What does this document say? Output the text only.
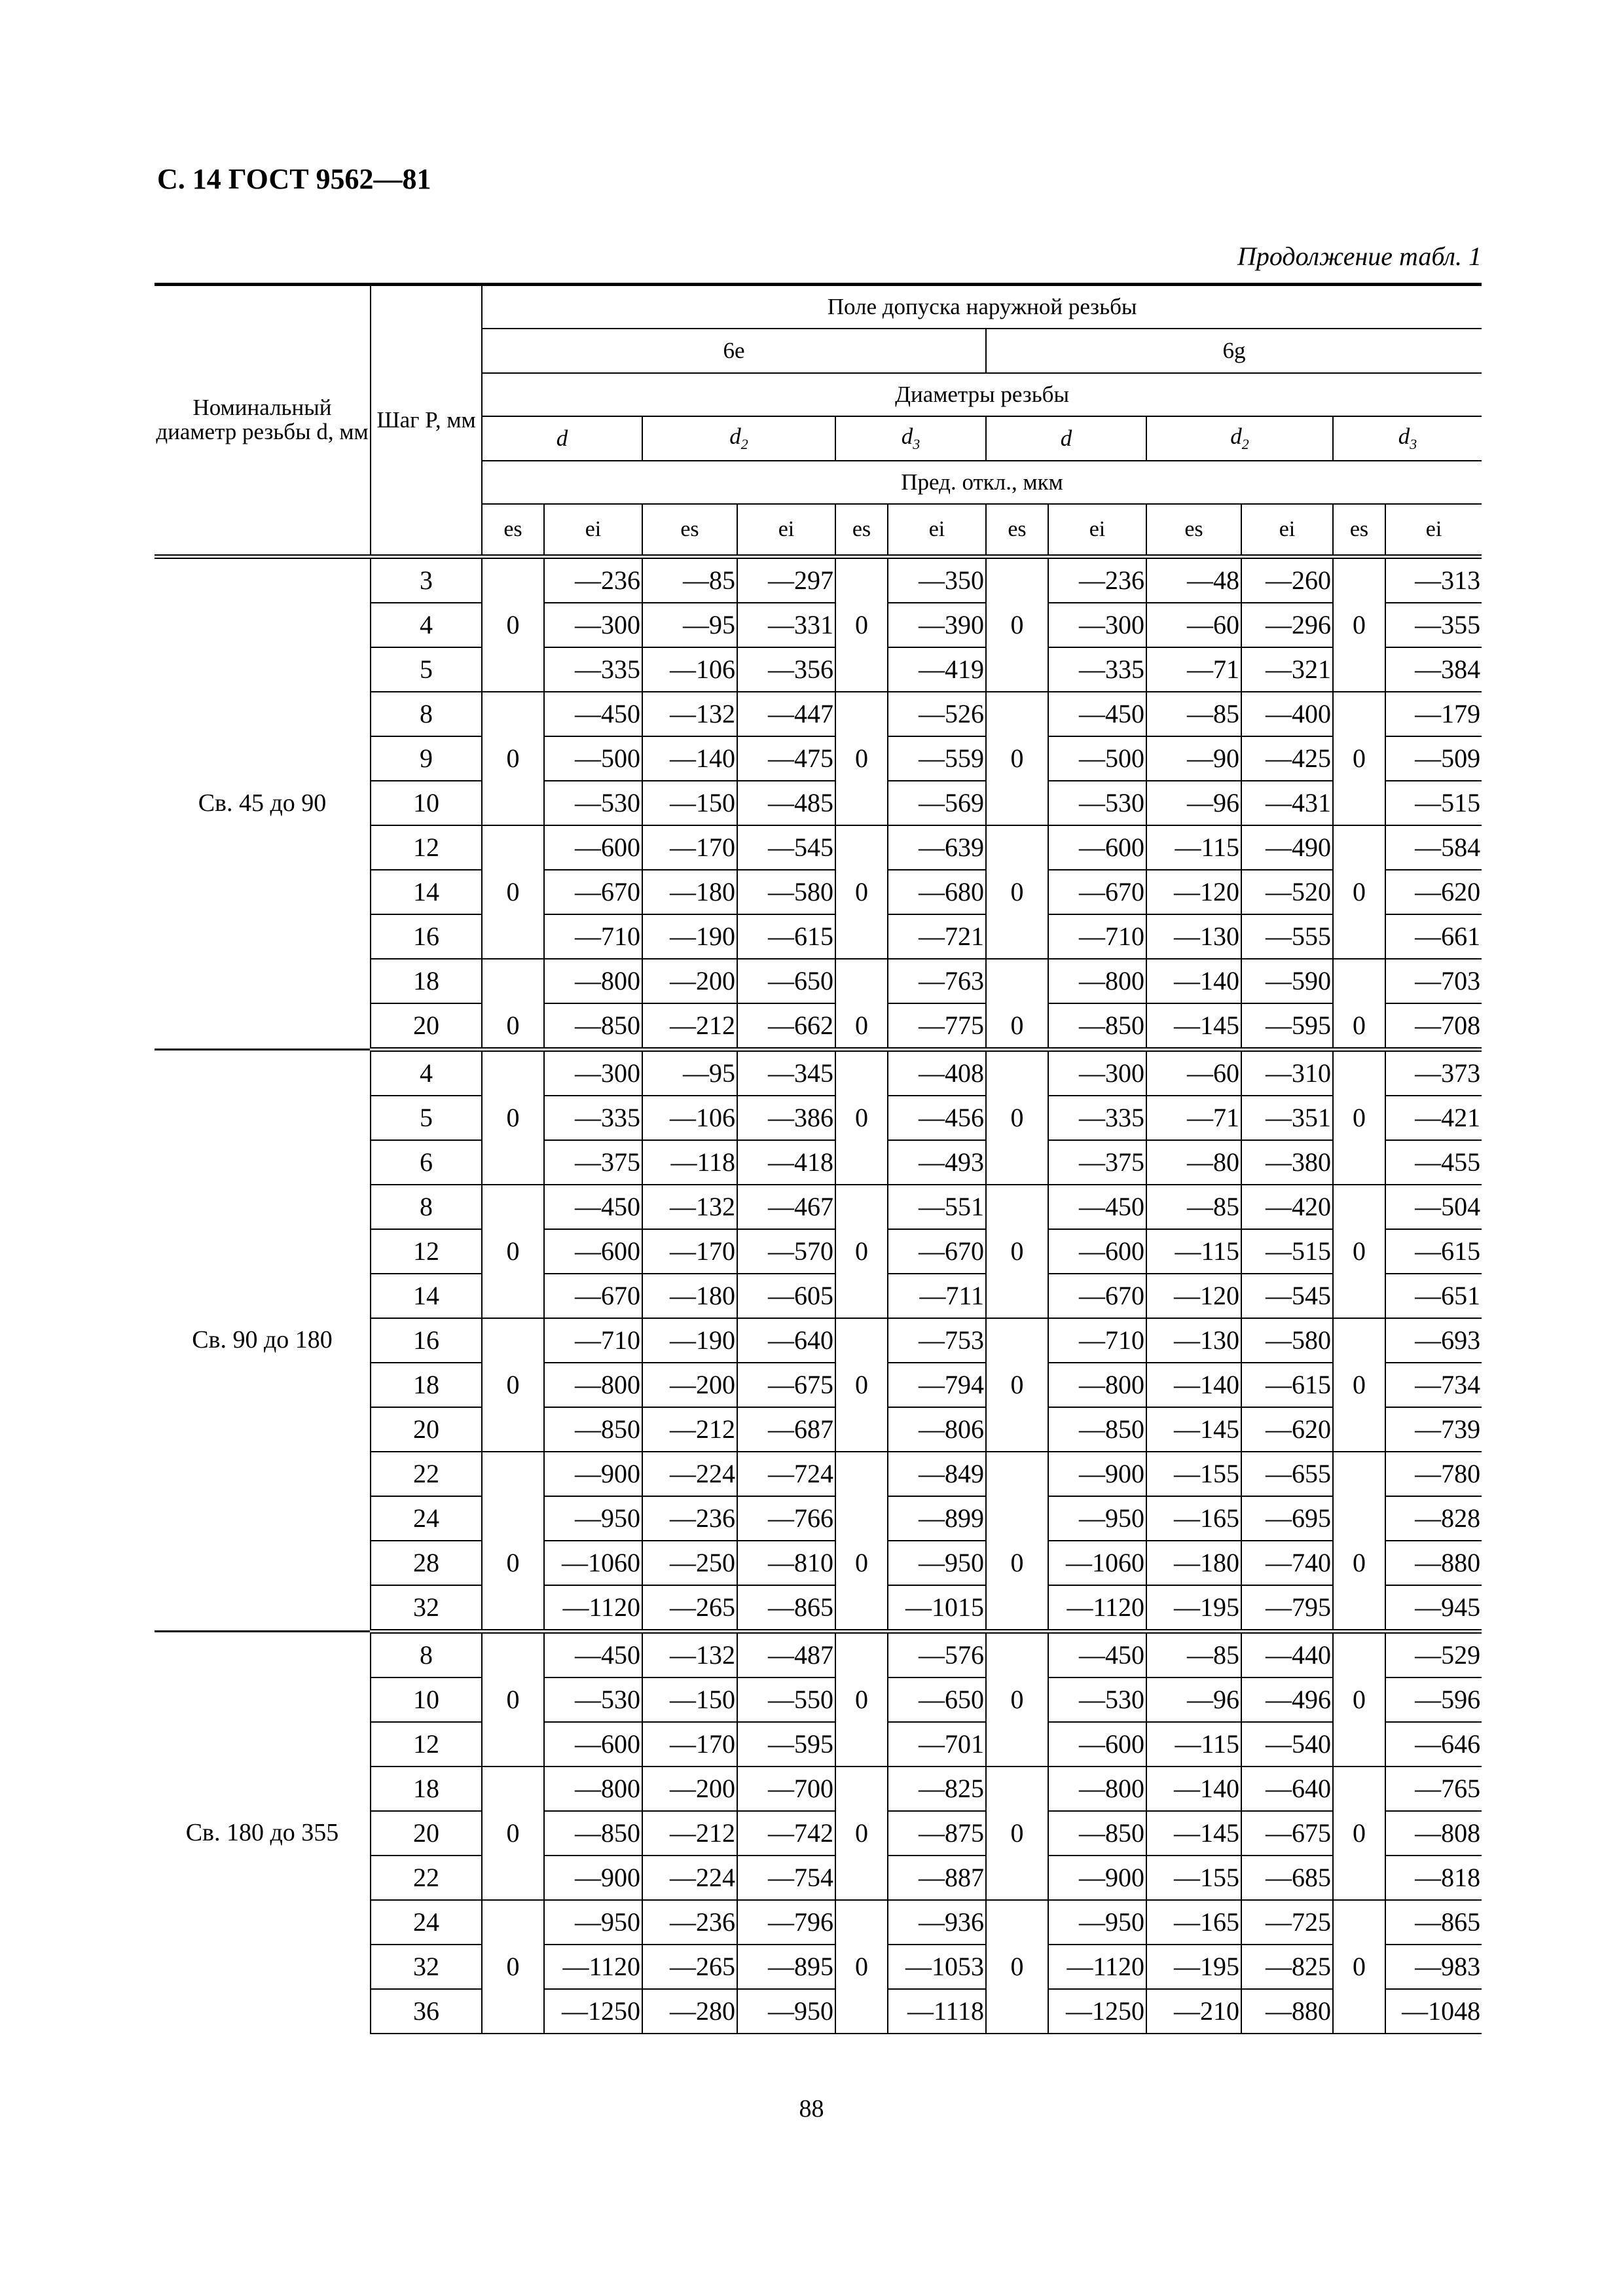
С. 14 ГОСТ 9562—81
Продолжение табл. 1
Номинальный диаметр резьбы d, мм	Шаг P, мм	Поле допуска наружной резьбы											
		6е						6g					
		Диаметры резьбы											
		d		$d_2$		$d_3$		d		$d_2$		$d_3$
		Пред. откл., мкм											
		es	ei	es	ei	es	ei	es	ei	es	ei	es	ei
Св. 45 до 90	3		—236	—85	—297		—350		—236	—48	—260		—313
	4	0	—300	—95	—331	0	—390	0	—300	—60	—296	0	—355
	5		—335	—106	—356		—419		—335	—71	—321		—384
	8		—450	—132	—447		—526		—450	—85	—400		—179
	9	0	—500	—140	—475	0	—559	0	—500	—90	—425	0	—509
	10		—530	—150	—485		—569		—530	—96	—431		—515
	12		—600	—170	—545		—639		—600	—115	—490		—584
	14	0	—670	—180	—580	0	—680	0	—670	—120	—520	0	—620
	16		—710	—190	—615		—721		—710	—130	—555		—661
	18		—800	—200	—650		—763		—800	—140	—590		—703
	20	0	—850	—212	—662	0	—775	0	—850	—145	—595	0	—708
Св. 90 до 180	4		—300	—95	—345		—408		—300	—60	—310		—373
	5	0	—335	—106	—386	0	—456	0	—335	—71	—351	0	—421
	6		—375	—118	—418		—493		—375	—80	—380		—455
	8		—450	—132	—467		—551		—450	—85	—420		—504
	12	0	—600	—170	—570	0	—670	0	—600	—115	—515	0	—615
	14		—670	—180	—605		—711		—670	—120	—545		—651
	16		—710	—190	—640		—753		—710	—130	—580		—693
	18	0	—800	—200	—675	0	—794	0	—800	—140	—615	0	—734
	20		—850	—212	—687		—806		—850	—145	—620		—739
	22		—900	—224	—724		—849		—900	—155	—655		—780
	24		—950	—236	—766		—899		—950	—165	—695		—828
	28	0	—1060	—250	—810	0	—950	0	—1060	—180	—740	0	—880
	32		—1120	—265	—865		—1015		—1120	—195	—795		—945
Св. 180 до 355	8		—450	—132	—487		—576		—450	—85	—440		—529
	10	0	—530	—150	—550	0	—650	0	—530	—96	—496	0	—596
	12		—600	—170	—595		—701		—600	—115	—540		—646
	18		—800	—200	—700		—825		—800	—140	—640		—765
	20	0	—850	—212	—742	0	—875	0	—850	—145	—675	0	—808
	22		—900	—224	—754		—887		—900	—155	—685		—818
	24		—950	—236	—796		—936		—950	—165	—725		—865
	32	0	—1120	—265	—895	0	—1053	0	—1120	—195	—825	0	—983
	36		—1250	—280	—950		—1118		—1250	—210	—880		—1048
88
